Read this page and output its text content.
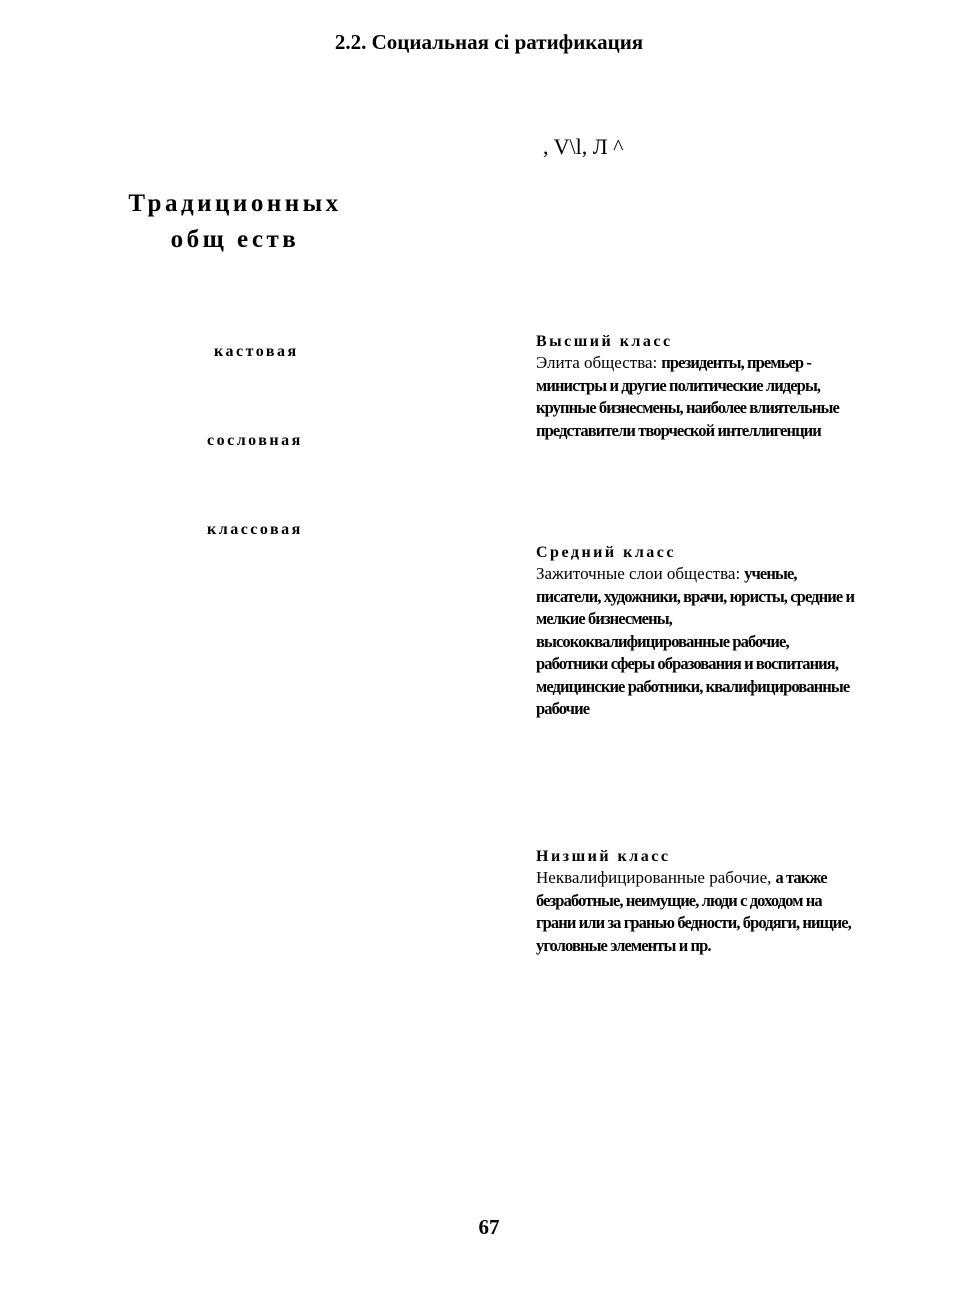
2.2. Социальная сі ратификация
, V\l, Л ^
Традиционных
общ еств
кастовая
сословная
классовая
Высший класс
Элита общества: президенты, премьер - министры и другие политические лидеры, крупные бизнесмены, наиболее влиятельные представители творческой интеллигенции
Средний класс
Зажиточные слои общества: ученые, писатели, художники, врачи, юристы, средние и мелкие бизнесмены, высококвалифицированные рабочие, работники сферы образования и воспитания, медицинские работники, квалифицированные рабочие
Низший класс
Неквалифицированные рабочие, а также безработные, неимущие, люди с доходом на грани или за гранью бедности, бродяги, нищие, уголовные элементы и пр.
67
